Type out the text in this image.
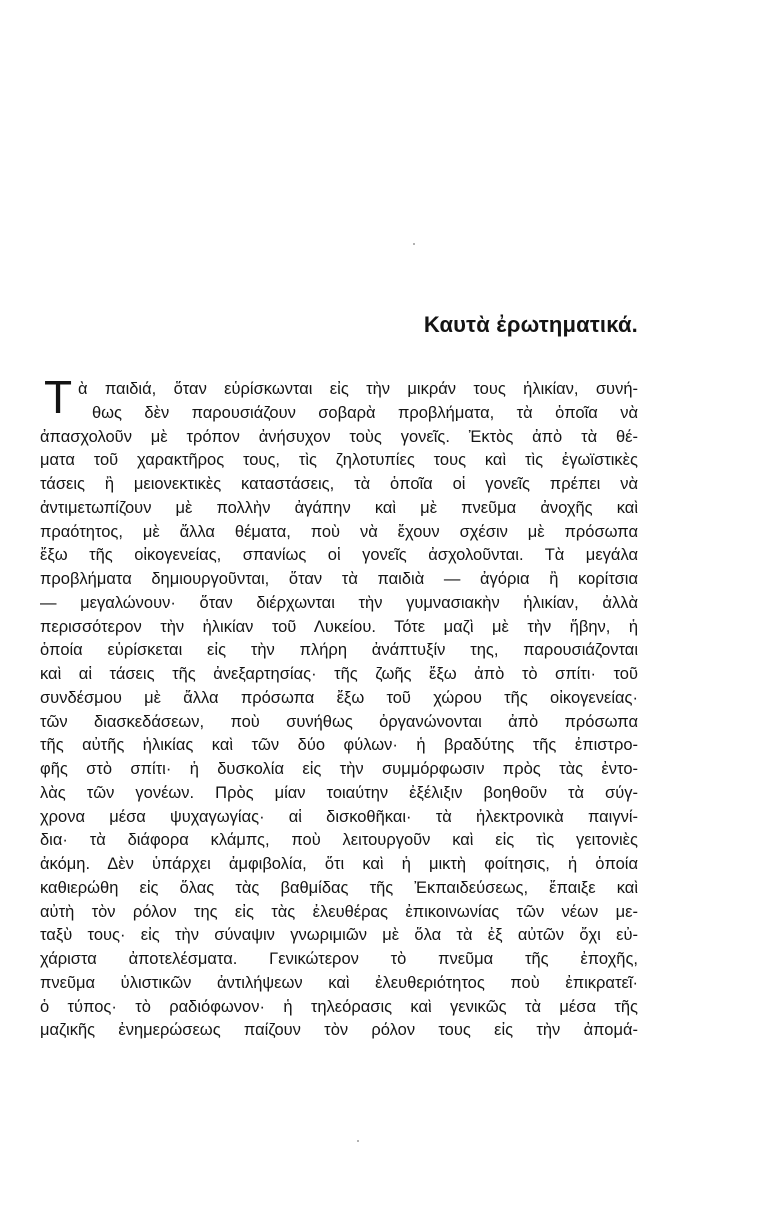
Καυτὰ ἐρωτηματικά.
Τ ὰ παιδιά, ὅταν εὑρίσκωνται εἰς τὴν μικράν τους ἡλικίαν, συνή-
θως δὲν παρουσιάζουν σοβαρὰ προβλήματα, τὰ ὁποῖα νὰ
ἀπασχολοῦν μὲ τρόπον ἀνήσυχον τοὺς γονεῖς. Ἐκτὸς ἀπὸ τὰ θέ-
ματα τοῦ χαρακτῆρος τους, τὶς ζηλοτυπίες τους καὶ τὶς ἐγωϊστικὲς
τάσεις ἢ μειονεκτικὲς καταστάσεις, τὰ ὁποῖα οἱ γονεῖς πρέπει νὰ
ἀντιμετωπίζουν μὲ πολλὴν ἀγάπην καὶ μὲ πνεῦμα ἀνοχῆς καὶ
πραότητος, μὲ ἄλλα θέματα, ποὺ νὰ ἔχουν σχέσιν μὲ πρόσωπα
ἔξω τῆς οἰκογενείας, σπανίως οἱ γονεῖς ἀσχολοῦνται. Τὰ μεγάλα
προβλήματα δημιουργοῦνται, ὅταν τὰ παιδιὰ — ἀγόρια ἢ κορίτσια
— μεγαλώνουν· ὅταν διέρχωνται τὴν γυμνασιακὴν ἡλικίαν, ἀλλὰ
περισσότερον τὴν ἡλικίαν τοῦ Λυκείου. Τότε μαζὶ μὲ τὴν ἥβην, ἡ
ὁποία εὑρίσκεται εἰς τὴν πλήρη ἀνάπτυξίν της, παρουσιάζονται
καὶ αἱ τάσεις τῆς ἀνεξαρτησίας· τῆς ζωῆς ἔξω ἀπὸ τὸ σπίτι· τοῦ
συνδέσμου μὲ ἄλλα πρόσωπα ἔξω τοῦ χώρου τῆς οἰκογενείας·
τῶν διασκεδάσεων, ποὺ συνήθως ὀργανώνονται ἀπὸ πρόσωπα
τῆς αὐτῆς ἡλικίας καὶ τῶν δύο φύλων· ἡ βραδύτης τῆς ἐπιστρο-
φῆς στὸ σπίτι· ἡ δυσκολία εἰς τὴν συμμόρφωσιν πρὸς τὰς ἐντο-
λὰς τῶν γονέων. Πρὸς μίαν τοιαύτην ἐξέλιξιν βοηθοῦν τὰ σύγ-
χρονα μέσα ψυχαγωγίας· αἱ δισκοθῆκαι· τὰ ἠλεκτρονικὰ παιγνί-
δια· τὰ διάφορα κλάμπς, ποὺ λειτουργοῦν καὶ εἰς τὶς γειτονιὲς
ἀκόμη. Δὲν ὑπάρχει ἀμφιβολία, ὅτι καὶ ἡ μικτὴ φοίτησις, ἡ ὁποία
καθιερώθη εἰς ὅλας τὰς βαθμίδας τῆς Ἐκπαιδεύσεως, ἔπαιξε καὶ
αὐτὴ τὸν ρόλον της εἰς τὰς ἐλευθέρας ἐπικοινωνίας τῶν νέων με-
ταξὺ τους· εἰς τὴν σύναψιν γνωριμιῶν μὲ ὅλα τὰ ἐξ αὐτῶν ὄχι εὐ-
χάριστα ἀποτελέσματα. Γενικώτερον τὸ πνεῦμα τῆς ἐποχῆς,
πνεῦμα ὑλιστικῶν ἀντιλήψεων καὶ ἐλευθεριότητος ποὺ ἐπικρατεῖ·
ὁ τύπος· τὸ ραδιόφωνον· ἡ τηλεόρασις καὶ γενικῶς τὰ μέσα τῆς
μαζικῆς ἐνημερώσεως παίζουν τὸν ρόλον τους εἰς τὴν ἀπομά-
